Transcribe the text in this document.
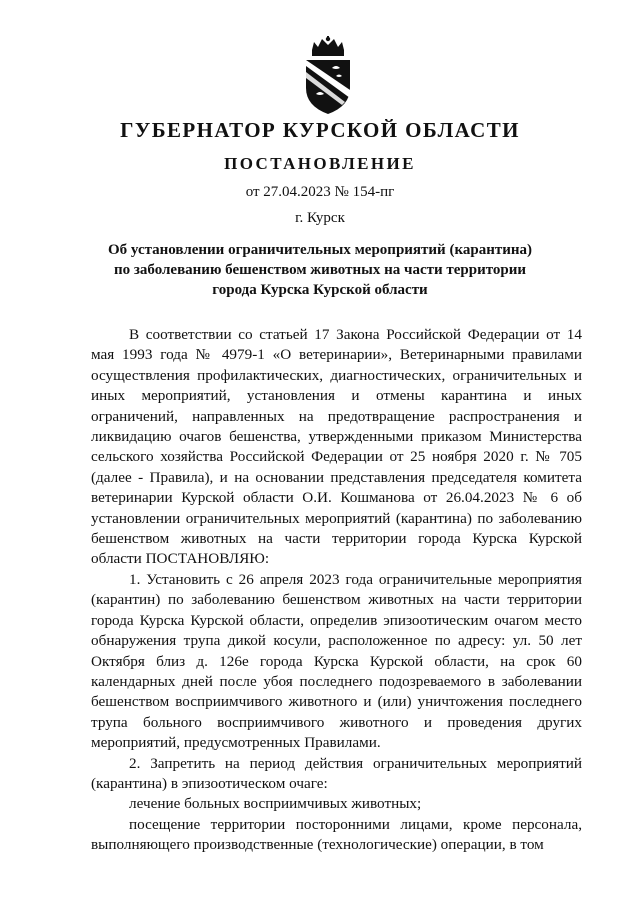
ГУБЕРНАТОР КУРСКОЙ ОБЛАСТИ
ПОСТАНОВЛЕНИЕ
от 27.04.2023 № 154-пг
г. Курск
Об установлении ограничительных мероприятий (карантина)
по заболеванию бешенством животных на части территории
города Курска Курской области

В соответствии со статьей 17 Закона Российской Федерации от 14 мая 1993 года № 4979-1 «О ветеринарии», Ветеринарными правилами осуществления профилактических, диагностических, ограничительных и иных мероприятий, установления и отмены карантина и иных ограничений, направленных на предотвращение распространения и ликвидацию очагов бешенства, утвержденными приказом Министерства сельского хозяйства Российской Федерации от 25 ноября 2020 г. № 705 (далее - Правила), и на основании представления председателя комитета ветеринарии Курской области О.И. Кошманова от 26.04.2023 № 6 об установлении ограничительных мероприятий (карантина) по заболеванию бешенством животных на части территории города Курска Курской области ПОСТАНОВЛЯЮ:

1. Установить с 26 апреля 2023 года ограничительные мероприятия (карантин) по заболеванию бешенством животных на части территории города Курска Курской области, определив эпизоотическим очагом место обнаружения трупа дикой косули, расположенное по адресу: ул. 50 лет Октября близ д. 126е города Курска Курской области, на срок 60 календарных дней после убоя последнего подозреваемого в заболевании бешенством восприимчивого животного и (или) уничтожения последнего трупа больного восприимчивого животного и проведения других мероприятий, предусмотренных Правилами.

2. Запретить на период действия ограничительных мероприятий (карантина) в эпизоотическом очаге:

лечение больных восприимчивых животных;

посещение территории посторонними лицами, кроме персонала, выполняющего производственные (технологические) операции, в том
